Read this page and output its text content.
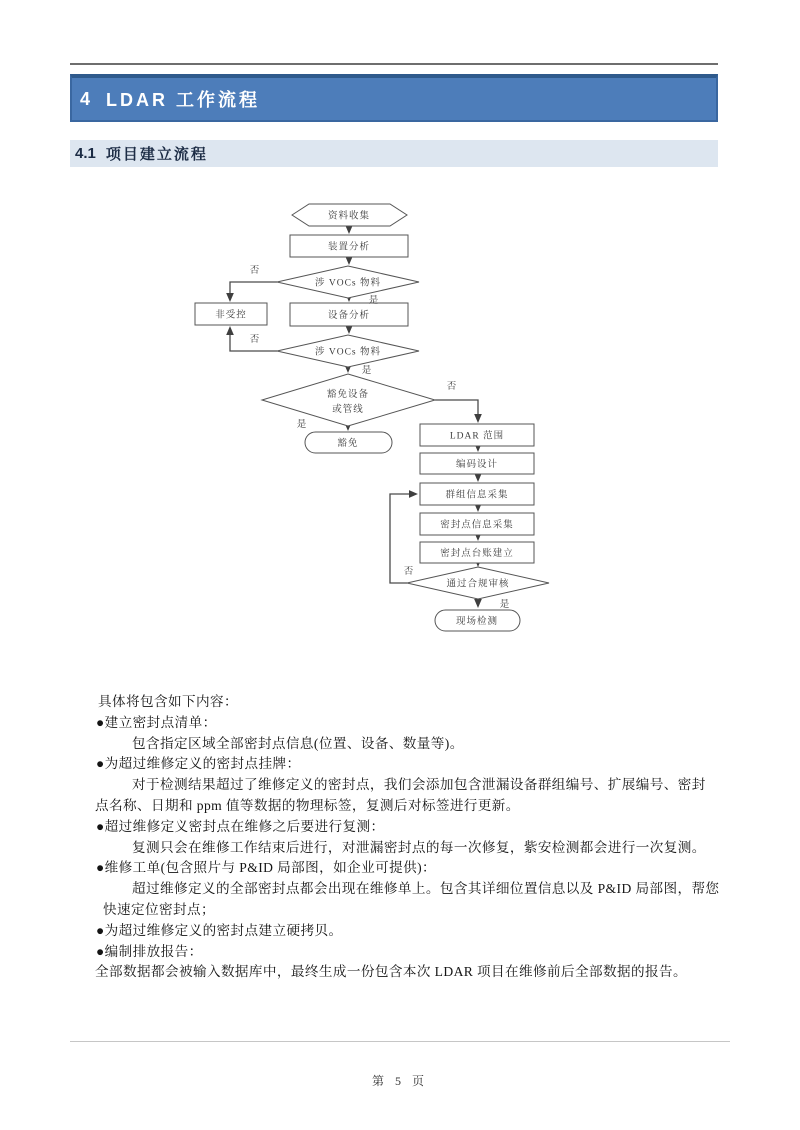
4 LDAR 工作流程
4.1 项目建立流程
资料收集
装置分析
涉 VOCs 物料
非受控	设备分析
涉 VOCs 物料
豁免设备
或管线
豁免
LDAR 范围
编码设计
群组信息采集
密封点信息采集
密封点台账建立
通过合规审核
现场检测
否
是
否
是
否
是
否
是
具体将包含如下内容：
●建立密封点清单：
包含指定区域全部密封点信息(位置、设备、数量等)。
●为超过维修定义的密封点挂牌：
对于检测结果超过了维修定义的密封点，我们会添加包含泄漏设备群组编号、扩展编号、密封
点名称、日期和 ppm 值等数据的物理标签，复测后对标签进行更新。
●超过维修定义密封点在维修之后要进行复测：
复测只会在维修工作结束后进行，对泄漏密封点的每一次修复，紫安检测都会进行一次复测。
●维修工单(包含照片与 P&ID 局部图，如企业可提供)：
超过维修定义的全部密封点都会出现在维修单上。包含其详细位置信息以及 P&ID 局部图，帮您
快速定位密封点；
●为超过维修定义的密封点建立硬拷贝。
●编制排放报告：
全部数据都会被输入数据库中，最终生成一份包含本次 LDAR 项目在维修前后全部数据的报告。
第 5 页
